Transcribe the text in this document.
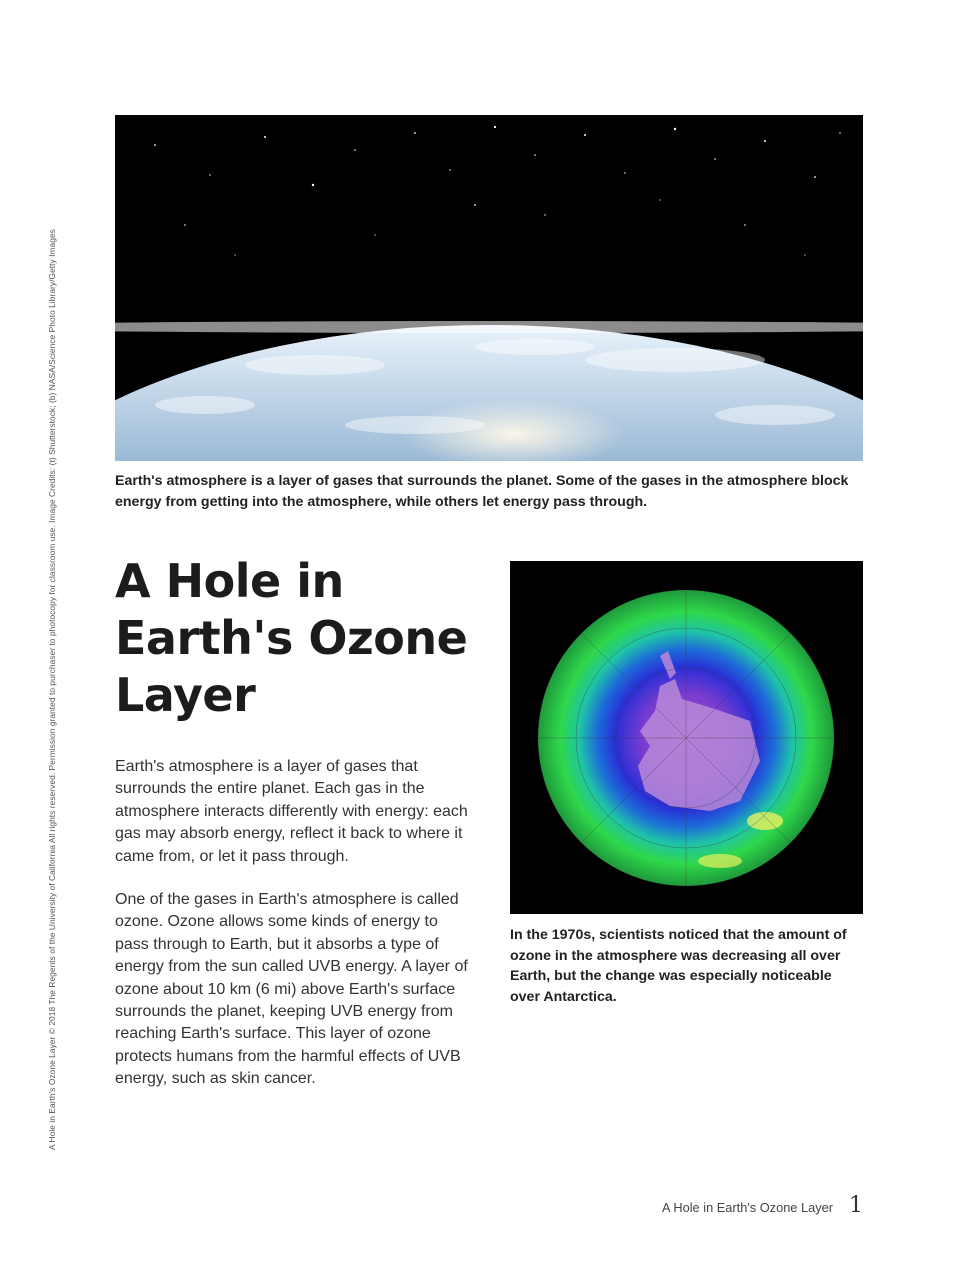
A Hole in Earth's Ozone Layer © 2018 The Regents of the University of California All rights reserved. Permission granted to purchaser to photocopy for classroom use. Image Credits: (t) Shutterstock; (b) NASA/Science Photo Library/Getty Images	Earth's atmosphere is a layer of gases that surrounds the planet. Some of the gases in the atmosphere block energy from getting into the atmosphere, while others let energy pass through.
A Hole in Earth's Ozone Layer

Earth's atmosphere is a layer of gases that surrounds the entire planet. Each gas in the atmosphere interacts differently with energy: each gas may absorb energy, reflect it back to where it came from, or let it pass through.

One of the gases in Earth's atmosphere is called ozone. Ozone allows some kinds of energy to pass through to Earth, but it absorbs a type of energy from the sun called UVB energy. A layer of ozone about 10 km (6 mi) above Earth's surface surrounds the planet, keeping UVB energy from reaching Earth's surface. This layer of ozone protects humans from the harmful effects of UVB energy, such as skin cancer.

In the 1970s, scientists noticed that the amount of ozone in the atmosphere was decreasing all over Earth, but the change was especially noticeable over Antarctica.
A Hole in Earth's Ozone Layer 1
